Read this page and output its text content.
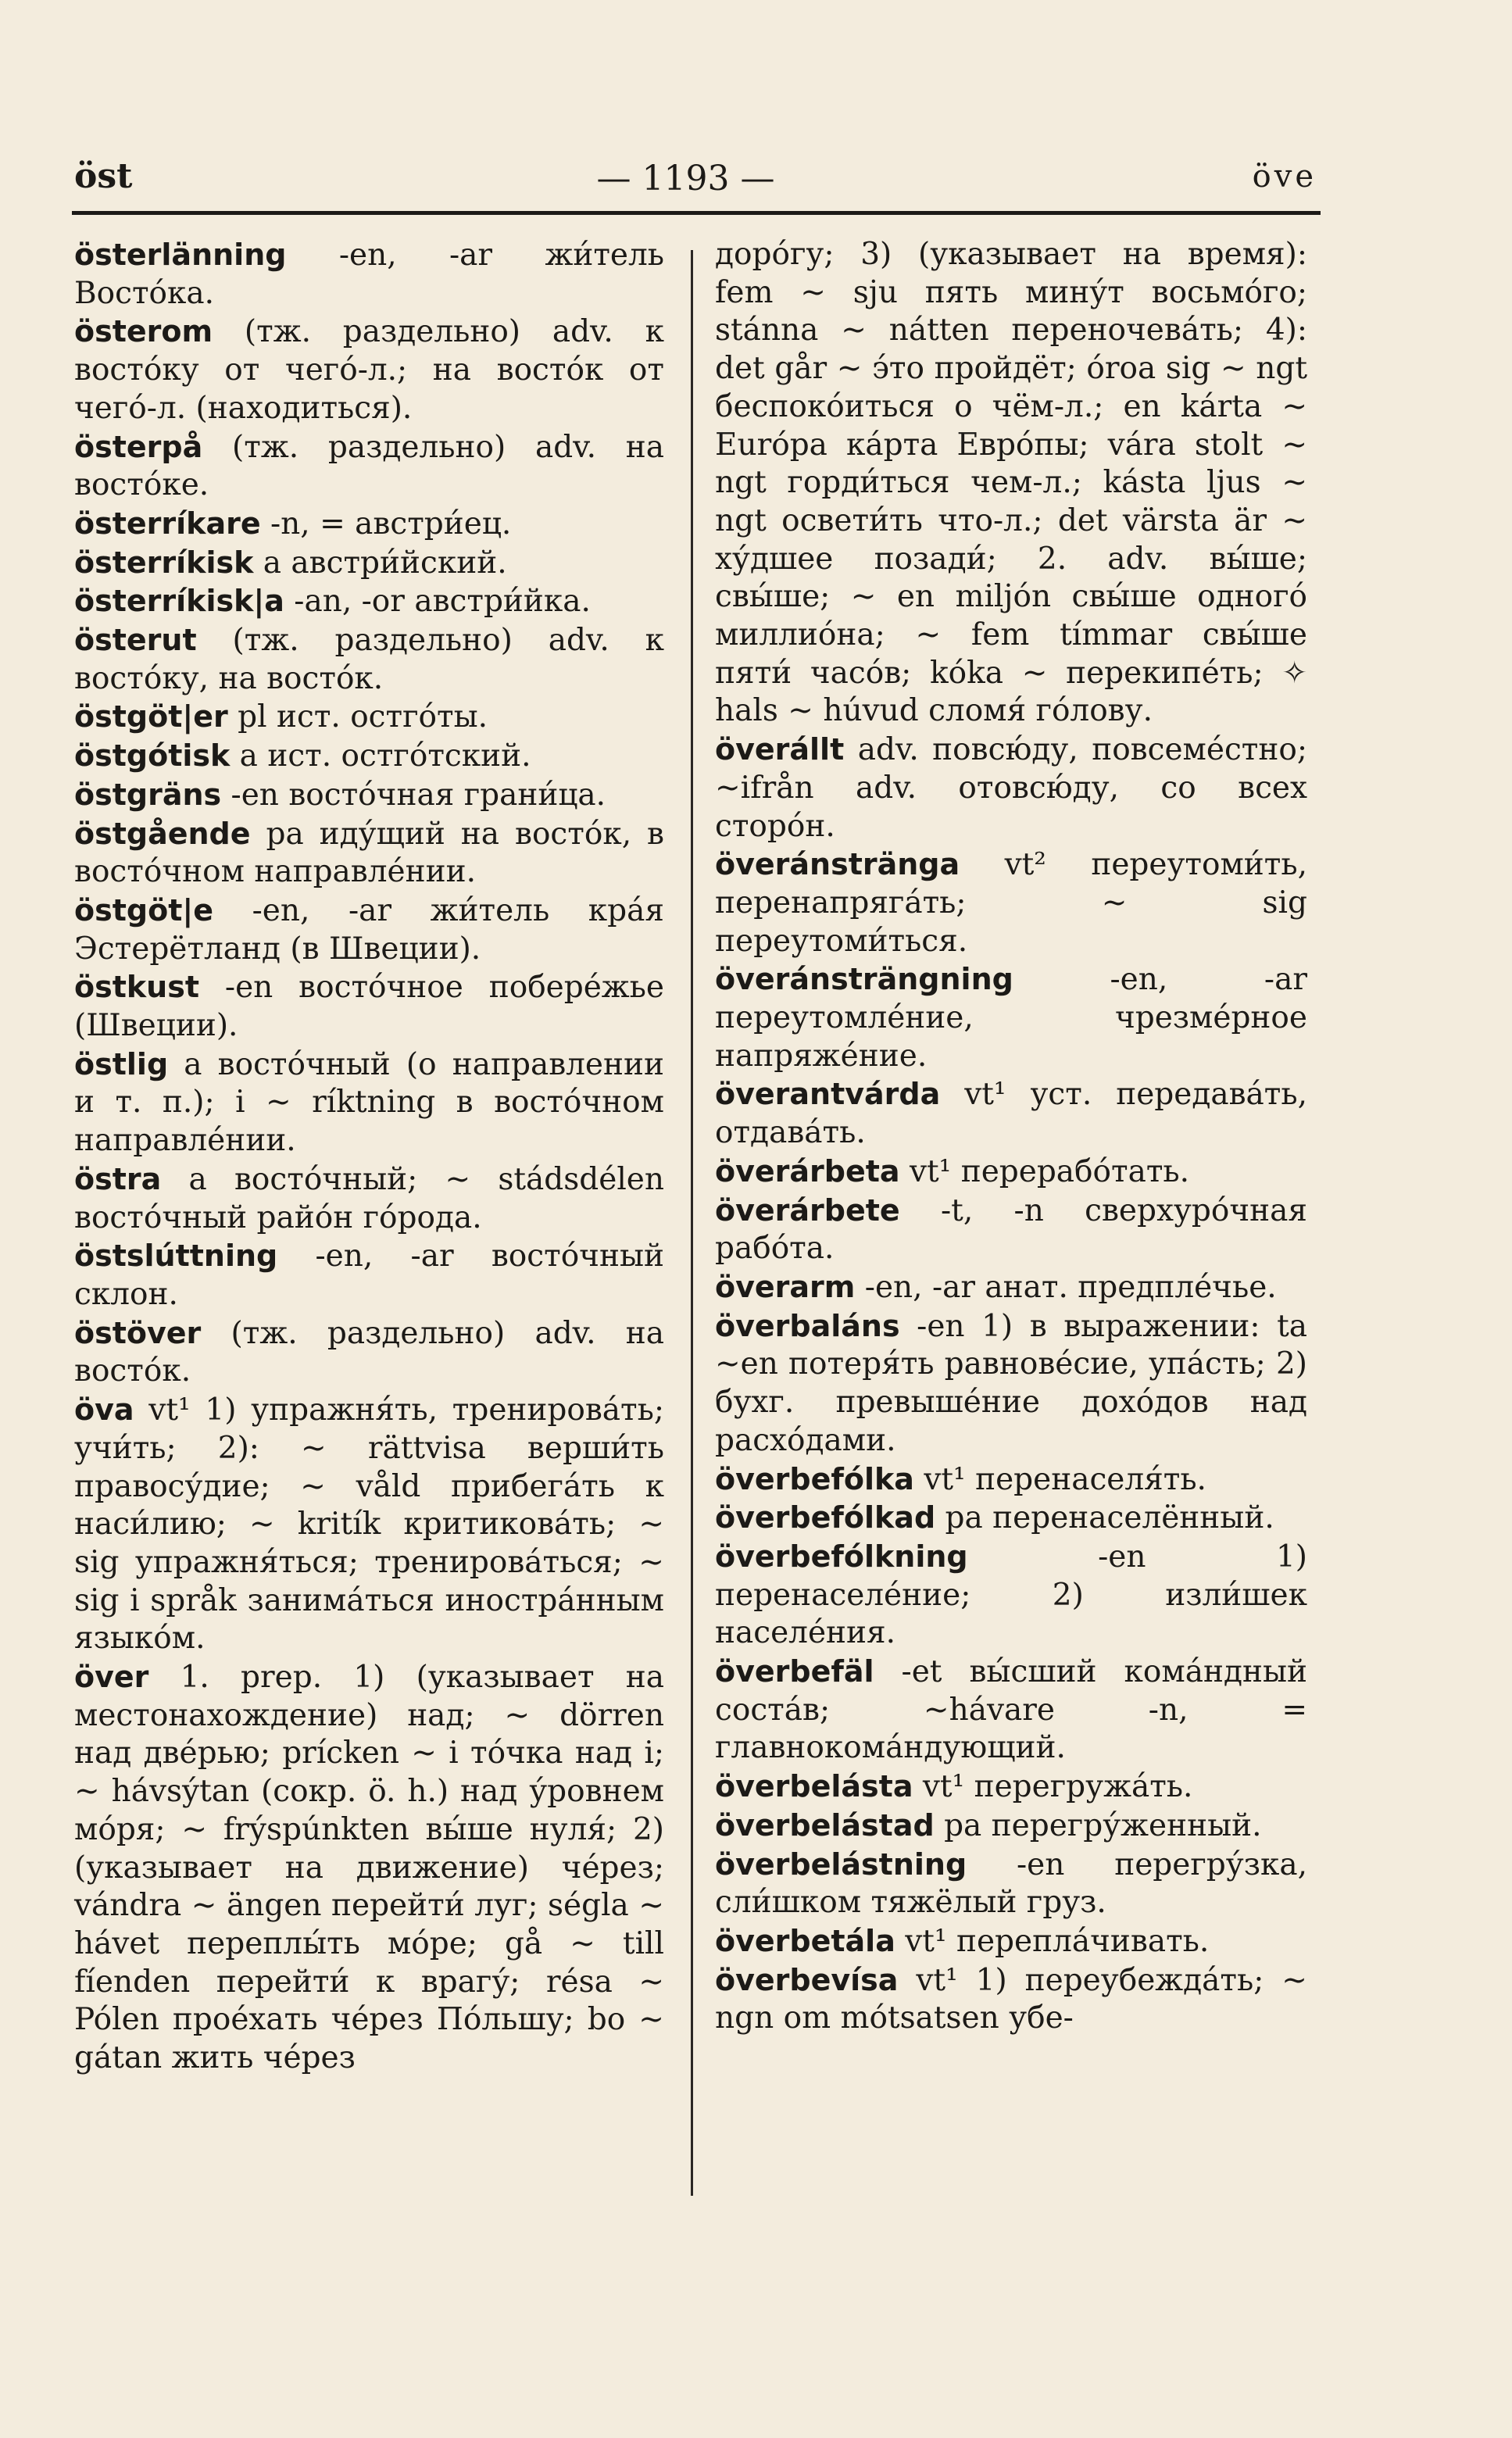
öst	— 1193 —	öve

österlänning -en, -ar жи́тель Восто́ка.

österom (тж. раздельно) adv. к восто́ку от чего́-л.; на восто́к от чего́-л. (находиться).

österpå (тж. раздельно) adv. на восто́ке.

österríkare -n, = австри́ец.

österríkisk a австри́йский.

österríkisk|a -an, -or австри́йка.

österut (тж. раздельно) adv. к восто́ку, на восто́к.

östgöt|er pl ист. остго́ты.

östgótisk a ист. остго́тский.

östgräns -en восто́чная грани́ца.

östgående pa иду́щий на восто́к, в восто́чном направле́нии.

östgöt|e -en, -ar жи́тель кра́я Эстерётланд (в Швеции).

östkust -en восто́чное побере́жье (Швеции).

östlig a восто́чный (о направлении и т. п.); i ~ ríktning в восто́чном направле́нии.

östra a восто́чный; ~ stádsdélen восто́чный райо́н го́рода.

östslúttning -en, -ar восто́чный склон.

östöver (тж. раздельно) adv. на восто́к.

öva vt¹ 1) упражня́ть, тренирова́ть; учи́ть; 2): ~ rättvisa верши́ть правосу́дие; ~ våld прибега́ть к наси́лию; ~ kritík критикова́ть; ~ sig упражня́ться; тренирова́ться; ~ sig i språk занима́ться иностра́нным языко́м.

över 1. prep. 1) (указывает на местонахождение) над; ~ dörren над две́рью; prícken ~ i то́чка над i; ~ hávsýtan (сокр. ö. h.) над у́ровнем мо́ря; ~ frýspúnkten вы́ше нуля́; 2) (указывает на движение) че́рез; vándra ~ ängen перейти́ луг; ségla ~ hávet переплы́ть мо́ре; gå ~ till fíenden перейти́ к врагу́; résa ~ Pólen прое́хать че́рез По́льшу; bo ~ gátan жить че́рез

доро́гу; 3) (указывает на время): fem ~ sju пять мину́т восьмо́го; stánna ~ nátten переночева́ть; 4): det går ~ э́то пройдёт; óroa sig ~ ngt беспоко́иться о чём-л.; en kárta ~ Európa ка́рта Евро́пы; vára stolt ~ ngt горди́ться чем-л.; kásta ljus ~ ngt освети́ть что-л.; det värsta är ~ ху́дшее позади́; 2. adv. вы́ше; свы́ше; ~ en miljón свы́ше одного́ миллио́на; ~ fem tímmar свы́ше пяти́ часо́в; kóka ~ перекипе́ть; ✧ hals ~ húvud сломя́ го́лову.

överállt adv. повсю́ду, повсеме́стно; ~ifrån adv. отовсю́ду, со всех сторо́н.

överánstränga vt² переутоми́ть, перенапряга́ть; ~ sig переутоми́ться.

överánsträngning -en, -ar переутомле́ние, чрезме́рное напряже́ние.

överantvárda vt¹ уст. передава́ть, отдава́ть.

överárbeta vt¹ перерабо́тать.

överárbete -t, -n сверхуро́чная рабо́та.

överarm -en, -ar анат. предпле́чье.

överbaláns -en 1) в выражении: ta ~en потеря́ть равнове́сие, упа́сть; 2) бухг. превыше́ние дохо́дов над расхо́дами.

överbefólka vt¹ перенаселя́ть.

överbefólkad pa перенаселённый.

överbefólkning -en 1) перенаселе́ние; 2) изли́шек населе́ния.

överbefäl -et вы́сший кома́ндный соста́в; ~hávare -n, = главнокома́ндующий.

överbelásta vt¹ перегружа́ть.

överbelástad pa перегру́женный.

överbelástning -en перегру́зка, сли́шком тяжёлый груз.

överbetála vt¹ перепла́чивать.

överbevísa vt¹ 1) переубежда́ть; ~ ngn om mótsatsen убе-
